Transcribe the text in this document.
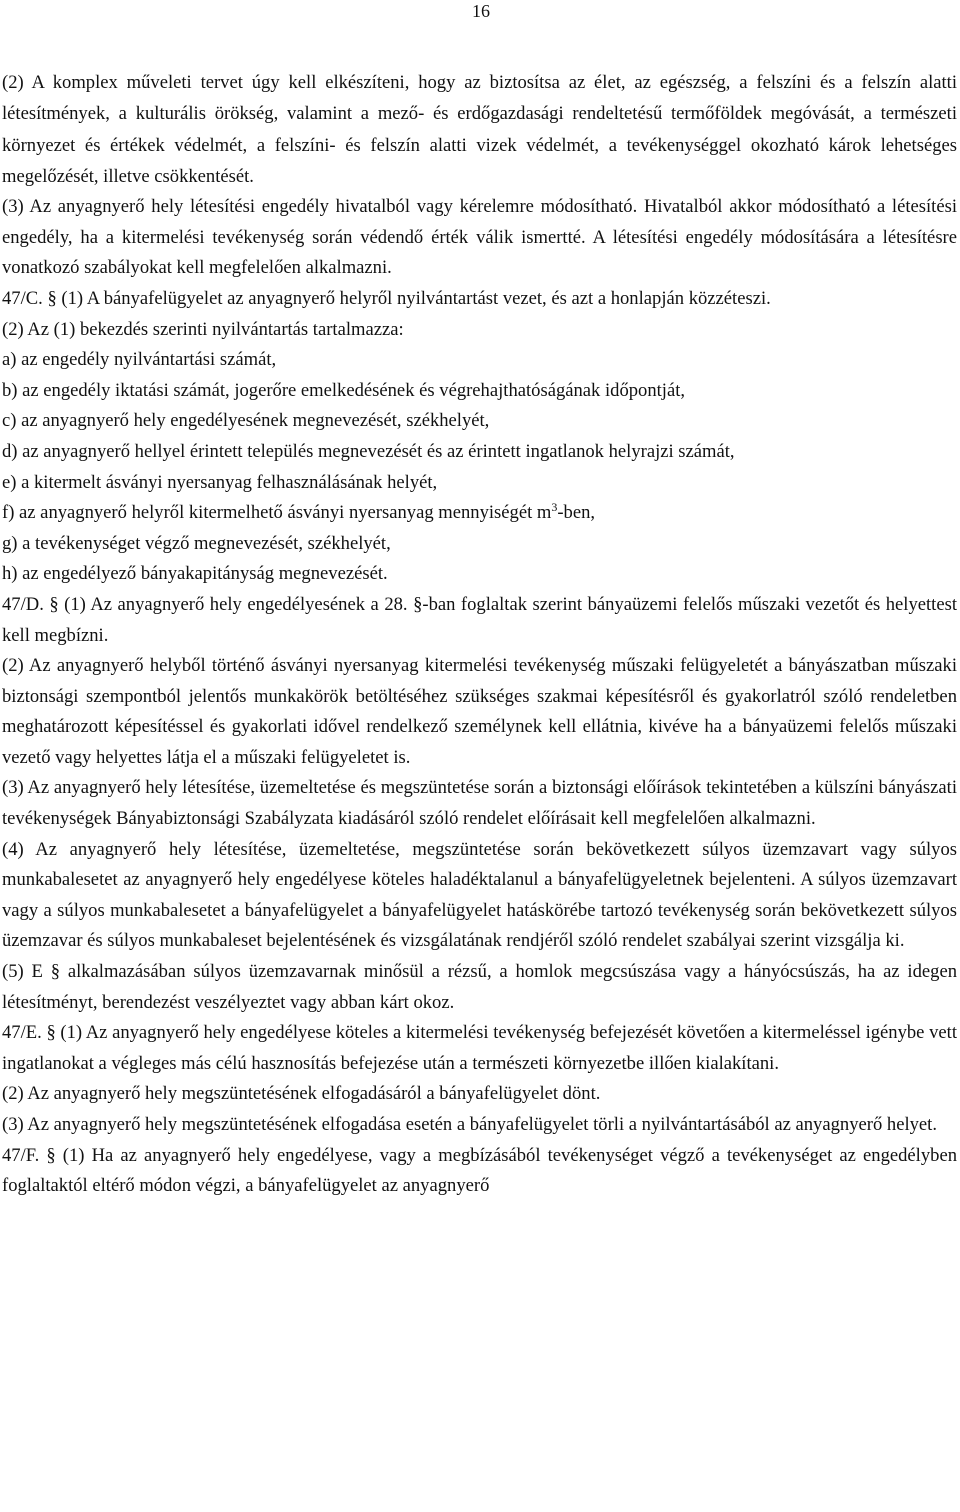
16

(2) A komplex műveleti tervet úgy kell elkészíteni, hogy az biztosítsa az élet, az egészség, a felszíni és a felszín alatti létesítmények, a kulturális örökség, valamint a mező- és erdőgazdasági rendeltetésű termőföldek megóvását, a természeti környezet és értékek védelmét, a felszíni- és felszín alatti vizek védelmét, a tevékenységgel okozható károk lehetséges megelőzését, illetve csökkentését.

(3) Az anyagnyerő hely létesítési engedély hivatalból vagy kérelemre módosítható. Hivatalból akkor módosítható a létesítési engedély, ha a kitermelési tevékenység során védendő érték válik ismertté. A létesítési engedély módosítására a létesítésre vonatkozó szabályokat kell megfelelően alkalmazni.

47/C. § (1) A bányafelügyelet az anyagnyerő helyről nyilvántartást vezet, és azt a honlapján közzéteszi.

(2) Az (1) bekezdés szerinti nyilvántartás tartalmazza:

a) az engedély nyilvántartási számát,

b) az engedély iktatási számát, jogerőre emelkedésének és végrehajthatóságának időpontját,

c) az anyagnyerő hely engedélyesének megnevezését, székhelyét,

d) az anyagnyerő hellyel érintett település megnevezését és az érintett ingatlanok helyrajzi számát,

e) a kitermelt ásványi nyersanyag felhasználásának helyét,

f) az anyagnyerő helyről kitermelhető ásványi nyersanyag mennyiségét $m^3$-ben,

g) a tevékenységet végző megnevezését, székhelyét,

h) az engedélyező bányakapitányság megnevezését.

47/D. § (1) Az anyagnyerő hely engedélyesének a 28. §-ban foglaltak szerint bányaüzemi felelős műszaki vezetőt és helyettest kell megbízni.

(2) Az anyagnyerő helyből történő ásványi nyersanyag kitermelési tevékenység műszaki felügyeletét a bányászatban műszaki biztonsági szempontból jelentős munkakörök betöltéséhez szükséges szakmai képesítésről és gyakorlatról szóló rendeletben meghatározott képesítéssel és gyakorlati idővel rendelkező személynek kell ellátnia, kivéve ha a bányaüzemi felelős műszaki vezető vagy helyettes látja el a műszaki felügyeletet is.

(3) Az anyagnyerő hely létesítése, üzemeltetése és megszüntetése során a biztonsági előírások tekintetében a külszíni bányászati tevékenységek Bányabiztonsági Szabályzata kiadásáról szóló rendelet előírásait kell megfelelően alkalmazni.

(4) Az anyagnyerő hely létesítése, üzemeltetése, megszüntetése során bekövetkezett súlyos üzemzavart vagy súlyos munkabalesetet az anyagnyerő hely engedélyese köteles haladéktalanul a bányafelügyeletnek bejelenteni. A súlyos üzemzavart vagy a súlyos munkabalesetet a bányafelügyelet a bányafelügyelet hatáskörébe tartozó tevékenység során bekövetkezett súlyos üzemzavar és súlyos munkabaleset bejelentésének és vizsgálatának rendjéről szóló rendelet szabályai szerint vizsgálja ki.

(5) E § alkalmazásában súlyos üzemzavarnak minősül a rézsű, a homlok megcsúszása vagy a hányócsúszás, ha az idegen létesítményt, berendezést veszélyeztet vagy abban kárt okoz.

47/E. § (1) Az anyagnyerő hely engedélyese köteles a kitermelési tevékenység befejezését követően a kitermeléssel igénybe vett ingatlanokat a végleges más célú hasznosítás befejezése után a természeti környezetbe illően kialakítani.

(2) Az anyagnyerő hely megszüntetésének elfogadásáról a bányafelügyelet dönt.

(3) Az anyagnyerő hely megszüntetésének elfogadása esetén a bányafelügyelet törli a nyilvántartásából az anyagnyerő helyet.

47/F. § (1) Ha az anyagnyerő hely engedélyese, vagy a megbízásából tevékenységet végző a tevékenységet az engedélyben foglaltaktól eltérő módon végzi, a bányafelügyelet az anyagnyerő
